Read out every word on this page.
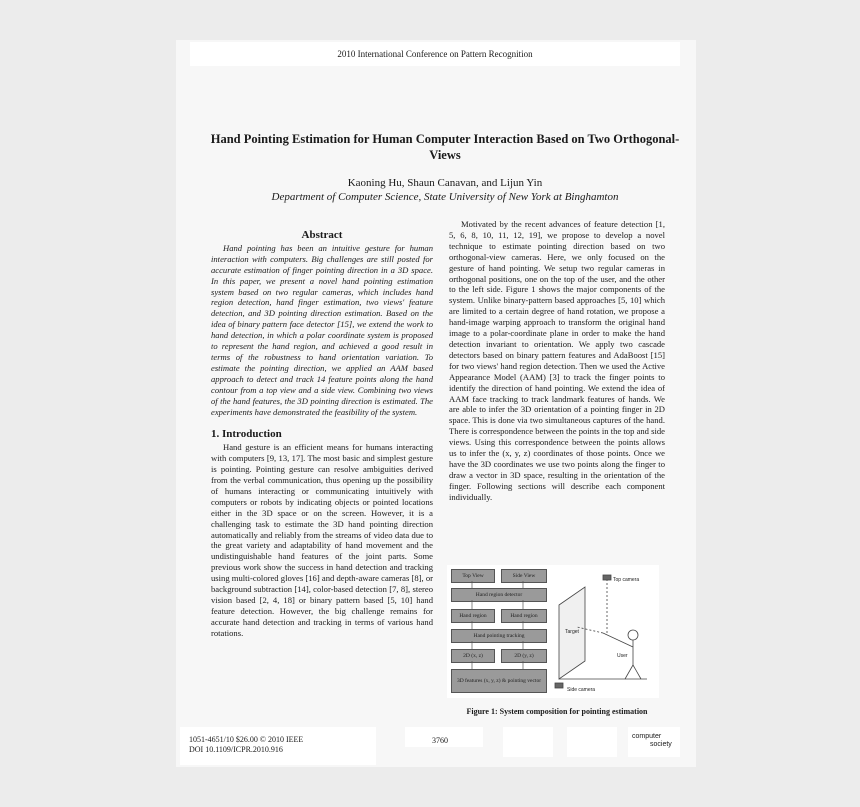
2010 International Conference on Pattern Recognition
Hand Pointing Estimation for Human Computer Interaction Based on Two Orthogonal-Views
Kaoning Hu, Shaun Canavan, and Lijun Yin
Department of Computer Science, State University of New York at Binghamton
Abstract

Hand pointing has been an intuitive gesture for human interaction with computers. Big challenges are still posted for accurate estimation of finger pointing direction in a 3D space. In this paper, we present a novel hand pointing estimation system based on two regular cameras, which includes hand region detection, hand finger estimation, two views' feature detection, and 3D pointing direction estimation. Based on the idea of binary pattern face detector [15], we extend the work to hand detection, in which a polar coordinate system is proposed to represent the hand region, and achieved a good result in terms of the robustness to hand orientation variation. To estimate the pointing direction, we applied an AAM based approach to detect and track 14 feature points along the hand contour from a top view and a side view. Combining two views of the hand features, the 3D pointing direction is estimated. The experiments have demonstrated the feasibility of the system.

1. Introduction

Hand gesture is an efficient means for humans interacting with computers [9, 13, 17]. The most basic and simplest gesture is pointing. Pointing gesture can resolve ambiguities derived from the verbal communication, thus opening up the possibility of humans interacting or communicating intuitively with computers or robots by indicating objects or pointed locations either in the 3D space or on the screen. However, it is a challenging task to estimate the 3D hand pointing direction automatically and reliably from the streams of video data due to the great variety and adaptability of hand movement and the undistinguishable hand features of the joint parts. Some previous work show the success in hand detection and tracking using multi-colored gloves [16] and depth-aware cameras [8], or background subtraction [14], color-based detection [7, 8], stereo vision based [2, 4, 18] or binary pattern based [5, 10] hand feature detection. However, the big challenge remains for accurate hand detection and tracking in terms of various hand rotations.

Motivated by the recent advances of feature detection [1, 5, 6, 8, 10, 11, 12, 19], we propose to develop a novel technique to estimate pointing direction based on two orthogonal-view cameras. Here, we only focused on the gesture of hand pointing. We setup two regular cameras in orthogonal positions, one on the top of the user, and the other to the left side. Figure 1 shows the major components of the system. Unlike binary-pattern based approaches [5, 10] which are limited to a certain degree of hand rotation, we propose a hand-image warping approach to transform the original hand image to a polar-coordinate plane in order to make the hand detection invariant to orientation. We apply two cascade detectors based on binary pattern features and AdaBoost [15] for two views' hand region detection. Then we used the Active Appearance Model (AAM) [3] to track the finger points to identify the direction of hand pointing. We extend the idea of AAM face tracking to track landmark features of hands. We are able to infer the 3D orientation of a pointing finger in 2D space. This is done via two simultaneous captures of the hand. There is correspondence between the points in the top and side views. Using this correspondence between the points allows us to infer the (x, y, z) coordinates of those points. Once we have the 3D coordinates we use two points along the finger to draw a vector in 3D space, resulting in the orientation of the finger. Following sections will describe each component individually.

Top View	Side View
Hand region detector
Hand region	Hand region
Hand pointing tracking
2D (x, z)	2D (y, z)
3D features (x, y, z) & pointing vector
Top camera
Target
Side camera
User
Figure 1: System composition for pointing estimation
1051-4651/10 $26.00 © 2010 IEEE
DOI 10.1109/ICPR.2010.916
3760	computer
society
